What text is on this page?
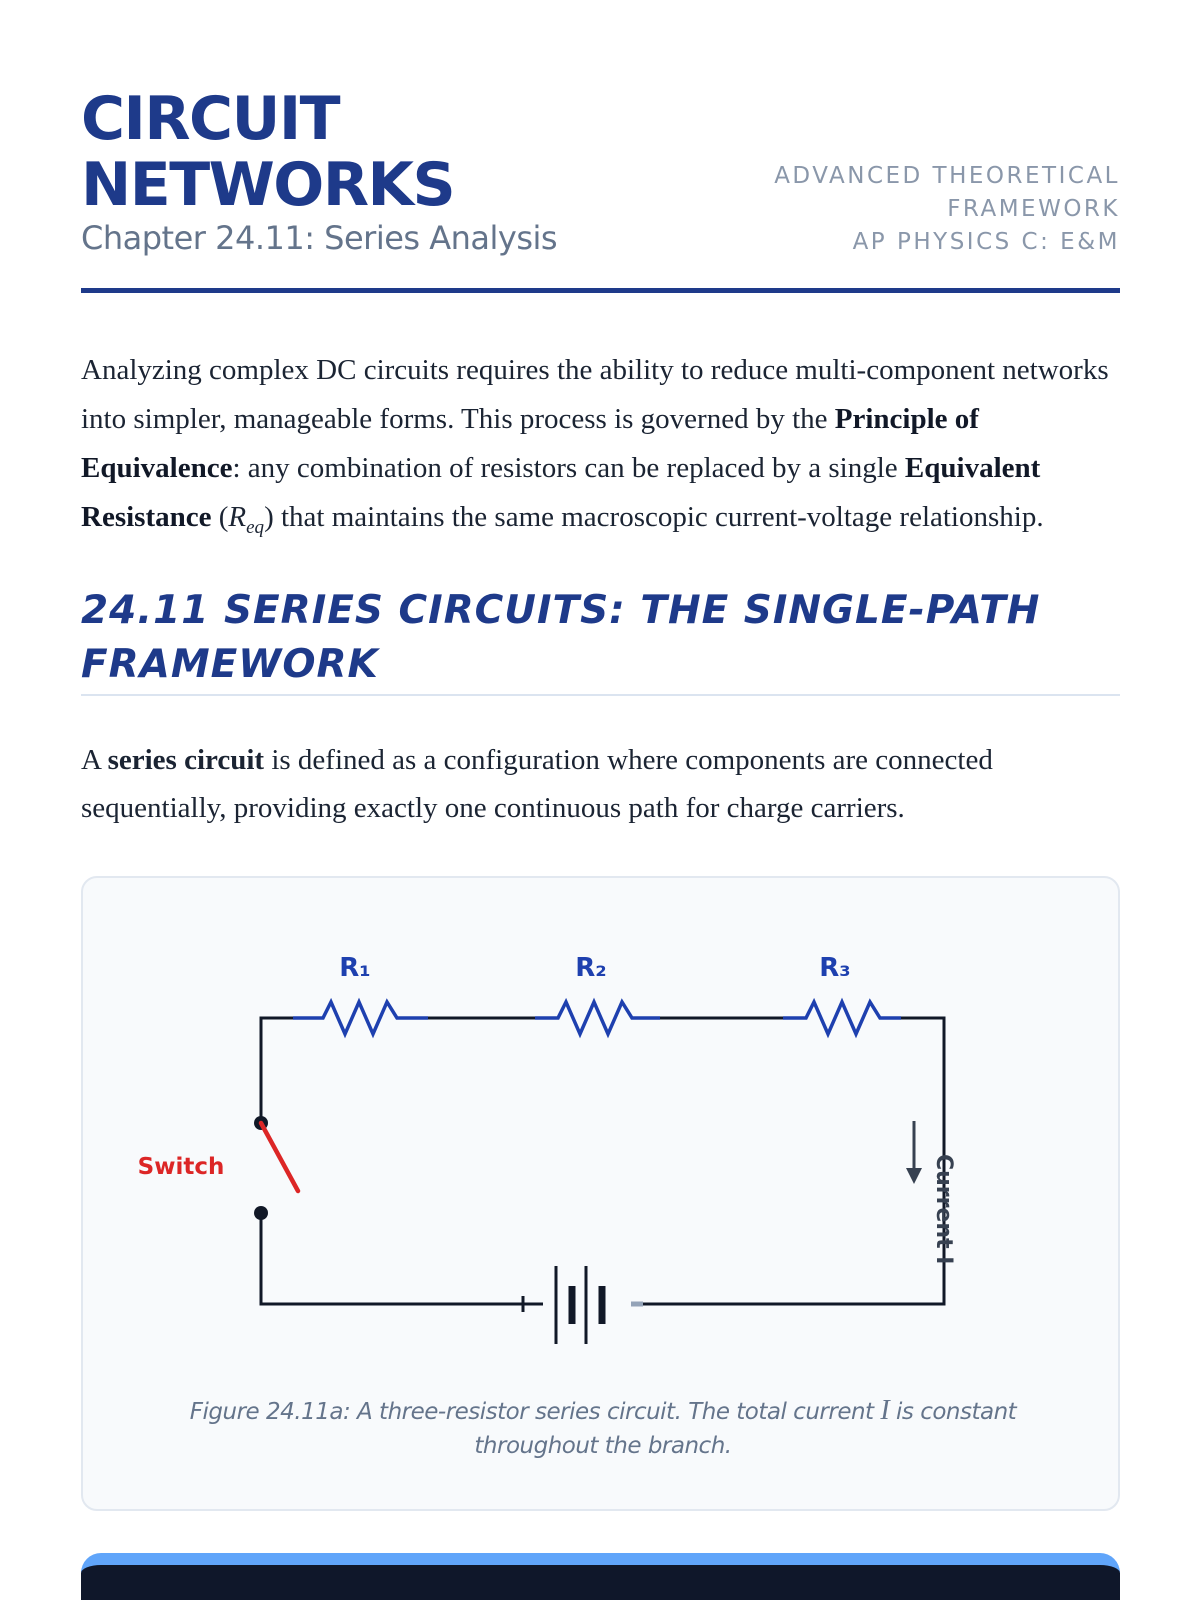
CIRCUIT
NETWORKS
Chapter 24.11: Series Analysis
ADVANCED THEORETICAL
FRAMEWORK
AP PHYSICS C: E&M

Analyzing complex DC circuits requires the ability to reduce multi-component networks into simpler, manageable forms. This process is governed by the Principle of Equivalence: any combination of resistors can be replaced by a single Equivalent Resistance $(R_{eq})$ that maintains the same macroscopic current-voltage relationship.

24.11 SERIES CIRCUITS: THE SINGLE-PATH FRAMEWORK

A series circuit is defined as a configuration where components are connected sequentially, providing exactly one continuous path for charge carriers.

R₁	R₂	R₃
Switch	Current I
Figure 24.11a: A three-resistor series circuit. The total current I is constant throughout the branch.
